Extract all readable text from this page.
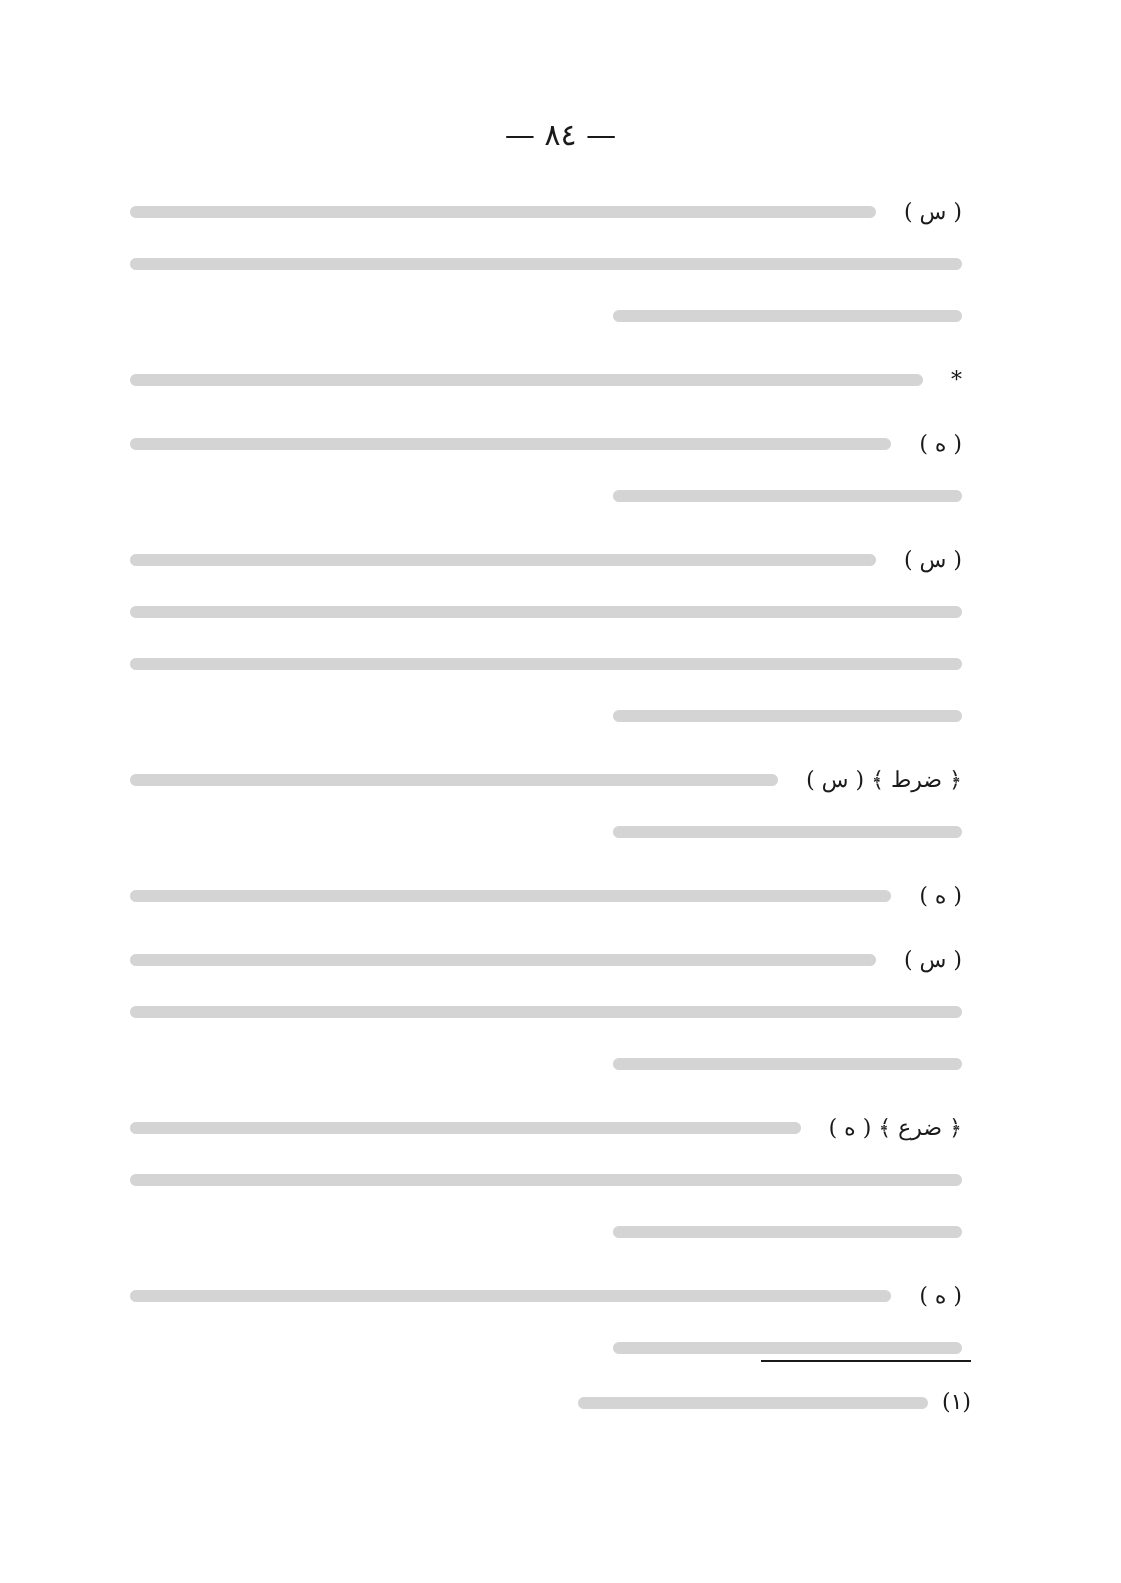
— ٨٤ —
( س )
*
( ه )
( س )
﴿ ضرط ﴾ ( س )
( ه )
( س )
﴿ ضرع ﴾ ( ه )
( ه )
(١)
